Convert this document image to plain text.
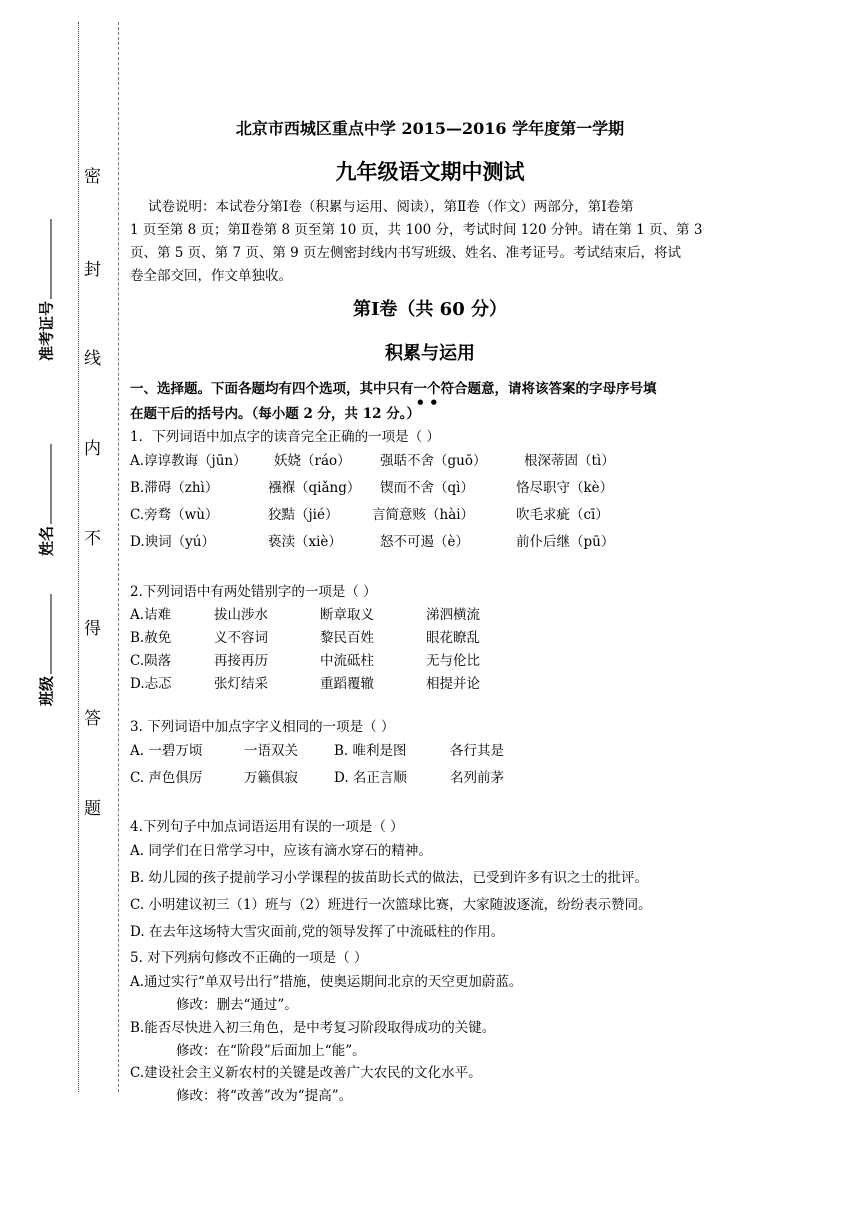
密
封
线
内
不
得
答
题
准考证号
姓名
班级
北京市西城区重点中学 2015—2016 学年度第一学期
九年级语文期中测试
试卷说明：本试卷分第Ⅰ卷（积累与运用、阅读），第Ⅱ卷（作文）两部分，第Ⅰ卷第
1 页至第 8 页；第Ⅱ卷第 8 页至第 10 页，共 100 分，考试时间 120 分钟。请在第 1 页、第 3
页、第 5 页、第 7 页、第 9 页左侧密封线内书写班级、姓名、准考证号。考试结束后，将试
卷全部交回，作文单独收。
第Ⅰ卷（共 60 分）
积累与运用
一、选择题。下面各题均有四个选项，其中只有一个符合题意，请将该答案的字母序号填
在题干后的括号内。（每小题 2 分，共 12 分。）
1．下列词语中加点字的读音完全正确的一项是（ ）
A.谆谆教诲（jūn） 妖娆（ráo） 强聒不舍（guō）	根深蒂固（tì）
B.滞碍（zhì）	襁褓（qiǎng） 锲而不舍（qì）	恪尽职守（kè）
C.旁骛（wù）	狡黠（jié） 言简意赅（hài）	吹毛求疵（cī）
D.谀词（yú）	亵渎（xiè）	怒不可遏（è）	前仆后继（pū）
2.下列词语中有两处错别字的一项是（ ）
A.诘难	拔山涉水	断章取义	涕泗横流
B.赦免	义不容词	黎民百姓	眼花瞭乱
C.陨落	再接再历	中流砥柱	无与伦比
D.忐忑	张灯结采	重蹈覆辙	相提并论
3. 下列词语中加点字字义相同的一项是（ ）
A. 一碧万顷	一语双关	B. 唯利是图	各行其是
C. 声色俱厉	万籁俱寂	D. 名正言顺	名列前茅
4.下列句子中加点词语运用有误的一项是（ ）
A. 同学们在日常学习中，应该有滴水穿石的精神。
B. 幼儿园的孩子提前学习小学课程的拔苗助长式的做法，已受到许多有识之士的批评。
C. 小明建议初三（1）班与（2）班进行一次篮球比赛，大家随波逐流，纷纷表示赞同。
D. 在去年这场特大雪灾面前,党的领导发挥了中流砥柱的作用。
5. 对下列病句修改不正确的一项是（ ）
A.通过实行“单双号出行”措施，使奥运期间北京的天空更加蔚蓝。
修改：删去“通过”。
B.能否尽快进入初三角色，是中考复习阶段取得成功的关键。
修改：在“阶段”后面加上“能”。
C.建设社会主义新农村的关键是改善广大农民的文化水平。
修改：将“改善”改为“提高”。
